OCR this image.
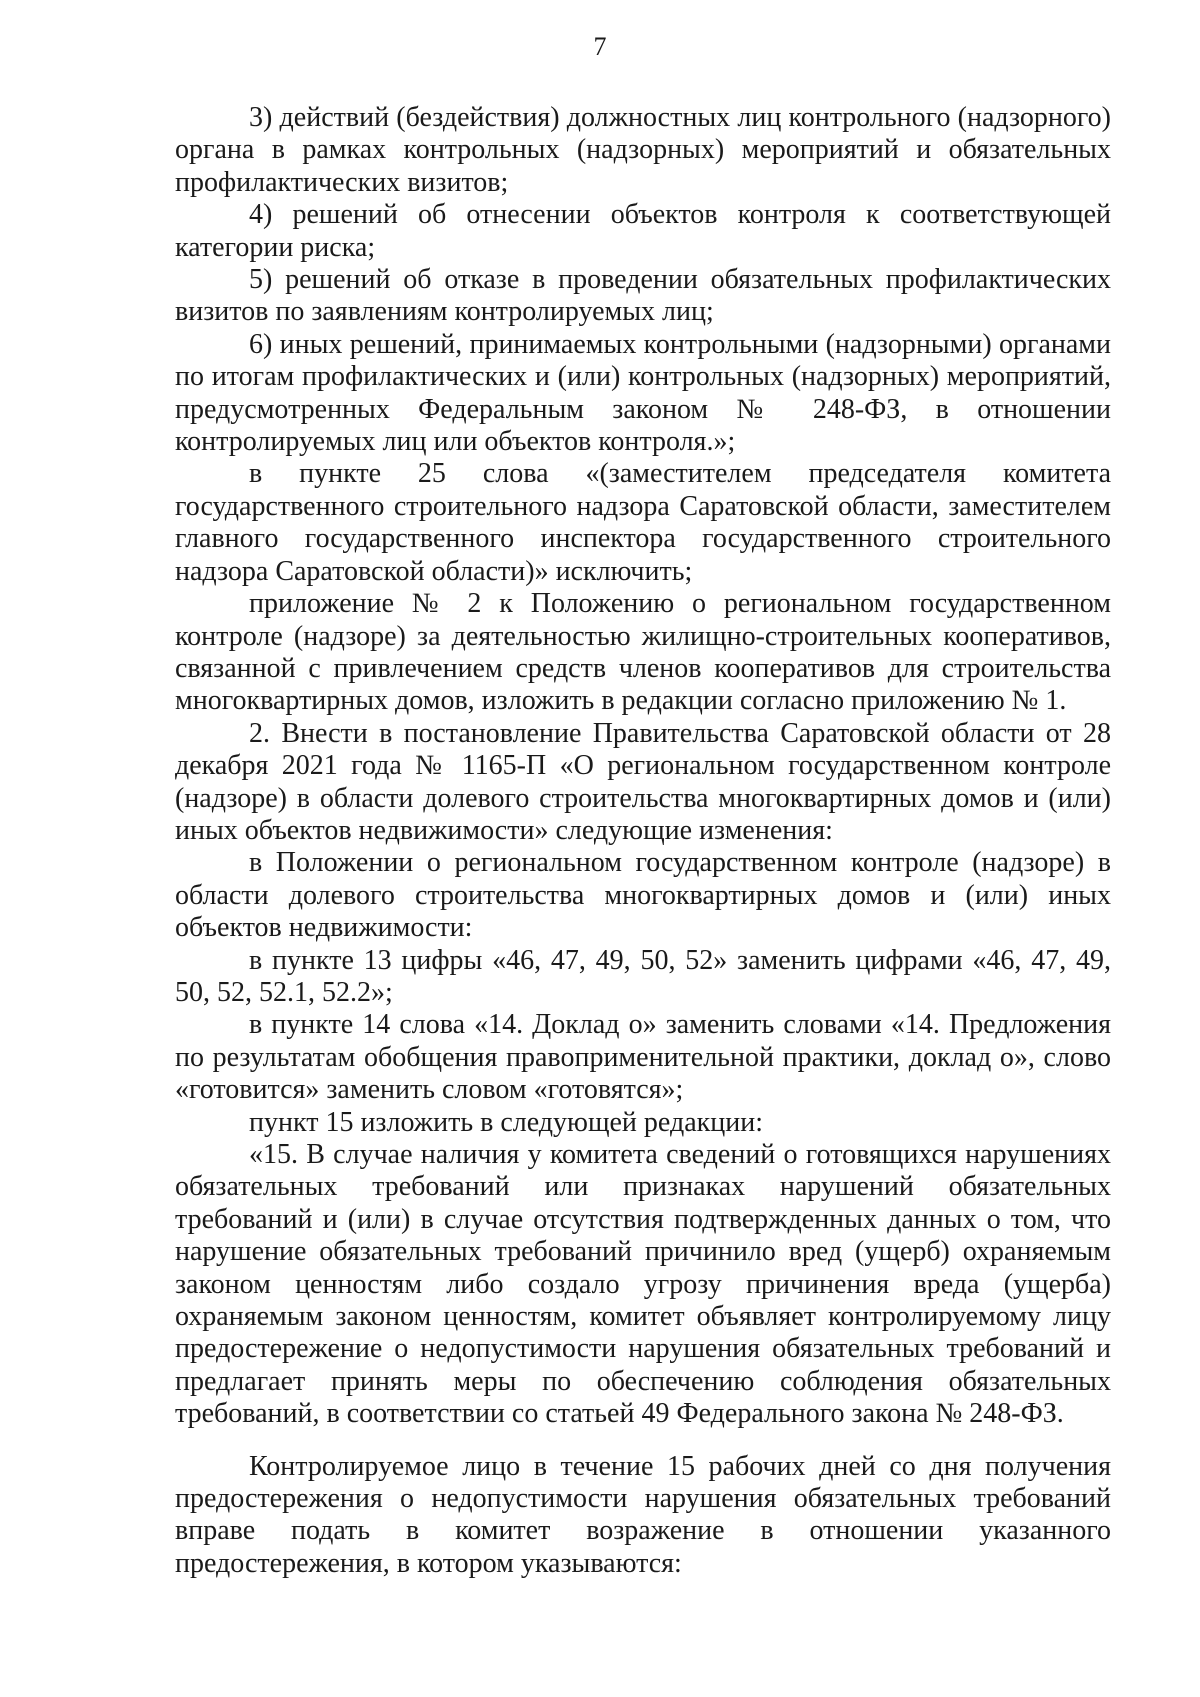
7

3) действий (бездействия) должностных лиц контрольного (надзорного) органа в рамках контрольных (надзорных) мероприятий и обязательных профилактических визитов;

4) решений об отнесении объектов контроля к соответствующей категории риска;

5) решений об отказе в проведении обязательных профилактических визитов по заявлениям контролируемых лиц;

6) иных решений, принимаемых контрольными (надзорными) органами по итогам профилактических и (или) контрольных (надзорных) мероприятий, предусмотренных Федеральным законом № 248-ФЗ, в отношении контролируемых лиц или объектов контроля.»;

в пункте 25 слова «(заместителем председателя комитета государственного строительного надзора Саратовской области, заместителем главного государственного инспектора государственного строительного надзора Саратовской области)» исключить;

приложение № 2 к Положению о региональном государственном контроле (надзоре) за деятельностью жилищно-строительных кооперативов, связанной с привлечением средств членов кооперативов для строительства многоквартирных домов, изложить в редакции согласно приложению № 1.

2. Внести в постановление Правительства Саратовской области от 28 декабря 2021 года № 1165-П «О региональном государственном контроле (надзоре) в области долевого строительства многоквартирных домов и (или) иных объектов недвижимости» следующие изменения:

в Положении о региональном государственном контроле (надзоре) в области долевого строительства многоквартирных домов и (или) иных объектов недвижимости:

в пункте 13 цифры «46, 47, 49, 50, 52» заменить цифрами «46, 47, 49, 50, 52, 52.1, 52.2»;

в пункте 14 слова «14. Доклад о» заменить словами «14. Предложения по результатам обобщения правоприменительной практики, доклад о», слово «готовится» заменить словом «готовятся»;

пункт 15 изложить в следующей редакции:

«15. В случае наличия у комитета сведений о готовящихся нарушениях обязательных требований или признаках нарушений обязательных требований и (или) в случае отсутствия подтвержденных данных о том, что нарушение обязательных требований причинило вред (ущерб) охраняемым законом ценностям либо создало угрозу причинения вреда (ущерба) охраняемым законом ценностям, комитет объявляет контролируемому лицу предостережение о недопустимости нарушения обязательных требований и предлагает принять меры по обеспечению соблюдения обязательных требований, в соответствии со статьей 49 Федерального закона № 248-ФЗ.

Контролируемое лицо в течение 15 рабочих дней со дня получения предостережения о недопустимости нарушения обязательных требований вправе подать в комитет возражение в отношении указанного предостережения, в котором указываются:
